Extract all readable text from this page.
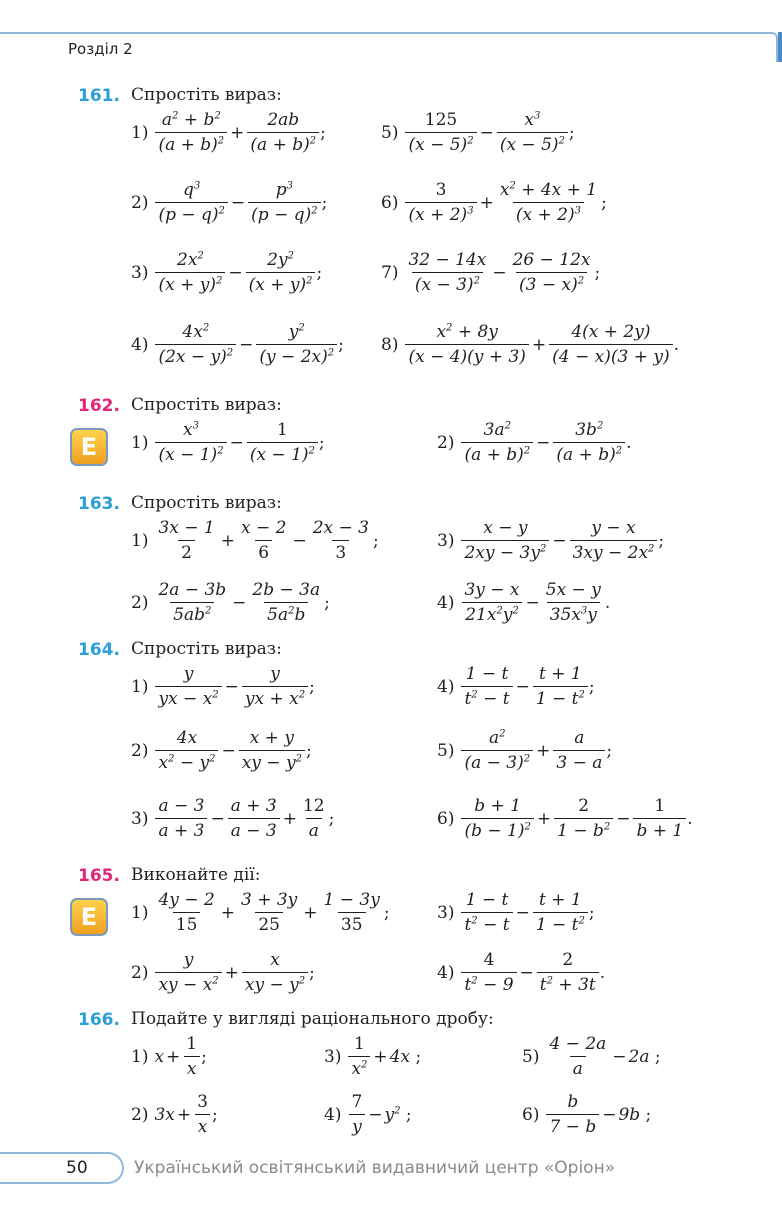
Розділ 2
161. Спростіть вираз:
$1) \frac{a^2 + b^2}{(a + b)^2} + \frac{2ab}{(a + b)^2}$ ;	$5) \frac{125}{(x - 5)^2} - \frac{x^3}{(x - 5)^2}$ ;
$2) \frac{q^3}{(p - q)^2} - \frac{p^3}{(p - q)^2}$ ;	$6) \frac{3}{(x + 2)^3} + \frac{x^2 + 4x + 1}{(x + 2)^3}$ ;
$3) \frac{2x^2}{(x + y)^2} - \frac{2y^2}{(x + y)^2}$ ;	$7) \frac{32 - 14x}{(x - 3)^2} - \frac{26 - 12x}{(3 - x)^2}$ ;
$4) \frac{4x^2}{(2x - y)^2} - \frac{y^2}{(y - 2x)^2}$ ; $8) \frac{x^2 + 8y}{(x - 4)(y + 3)} + \frac{4(x + 2y)}{(4 - x)(3 + y)}$ .
162. Спростіть вираз:
Е	$1) \frac{x^3}{(x - 1)^2} - \frac{1}{(x - 1)^2}$ ;	$2) \frac{3a^2}{(a + b)^2} - \frac{3b^2}{(a + b)^2}$ .
163. Спростіть вираз:
$1) \frac{3x - 1}{2} + \frac{x - 2}{6} - \frac{2x - 3}{3}$ ;	$3) \frac{x - y}{2xy - 3y^2} - \frac{y - x}{3xy - 2x^2}$ ;
$2) \frac{2a - 3b}{5ab^2} - \frac{2b - 3a}{5a^2b}$ ;	$4) \frac{3y - x}{21x^2y^2} - \frac{5x - y}{35x^3y}$ .
164. Спростіть вираз:
$1) \frac{y}{yx - x^2} - \frac{y}{yx + x^2}$ ;	$4) \frac{1 - t}{t^2 - t} - \frac{t + 1}{1 - t^2}$ ;
$2) \frac{4x}{x^2 - y^2} - \frac{x + y}{xy - y^2}$ ;	$5) \frac{a^2}{(a - 3)^2} + \frac{a}{3 - a}$ ;
$3) \frac{a - 3}{a + 3} - \frac{a + 3}{a - 3} + \frac{12}{a}$ ;	$6) \frac{b + 1}{(b - 1)^2} + \frac{2}{1 - b^2} - \frac{1}{b + 1}$ .
165. Виконайте дії:
Е	$1) \frac{4y - 2}{15} + \frac{3 + 3y}{25} + \frac{1 - 3y}{35}$ ;	$3) \frac{1 - t}{t^2 - t} - \frac{t + 1}{1 - t^2}$ ;
$2) \frac{y}{xy - x^2} + \frac{x}{xy - y^2}$ ;	$4) \frac{4}{t^2 - 9} - \frac{2}{t^2 + 3t}$ .
166. Подайте у вигляді раціонального дробу:
1) $x + \frac{1}{x}$ ;	$3) \frac{1}{x^2} + 4x$ ;	$5) \frac{4 - 2a}{a} - 2a$ ;
2) $3x + \frac{3}{x}$ ;	$4) \frac{7}{y} - y^2$ ;	$6) \frac{b}{7 - b} - 9b$ ;
50	Український освітянський видавничий центр «Оріон»
